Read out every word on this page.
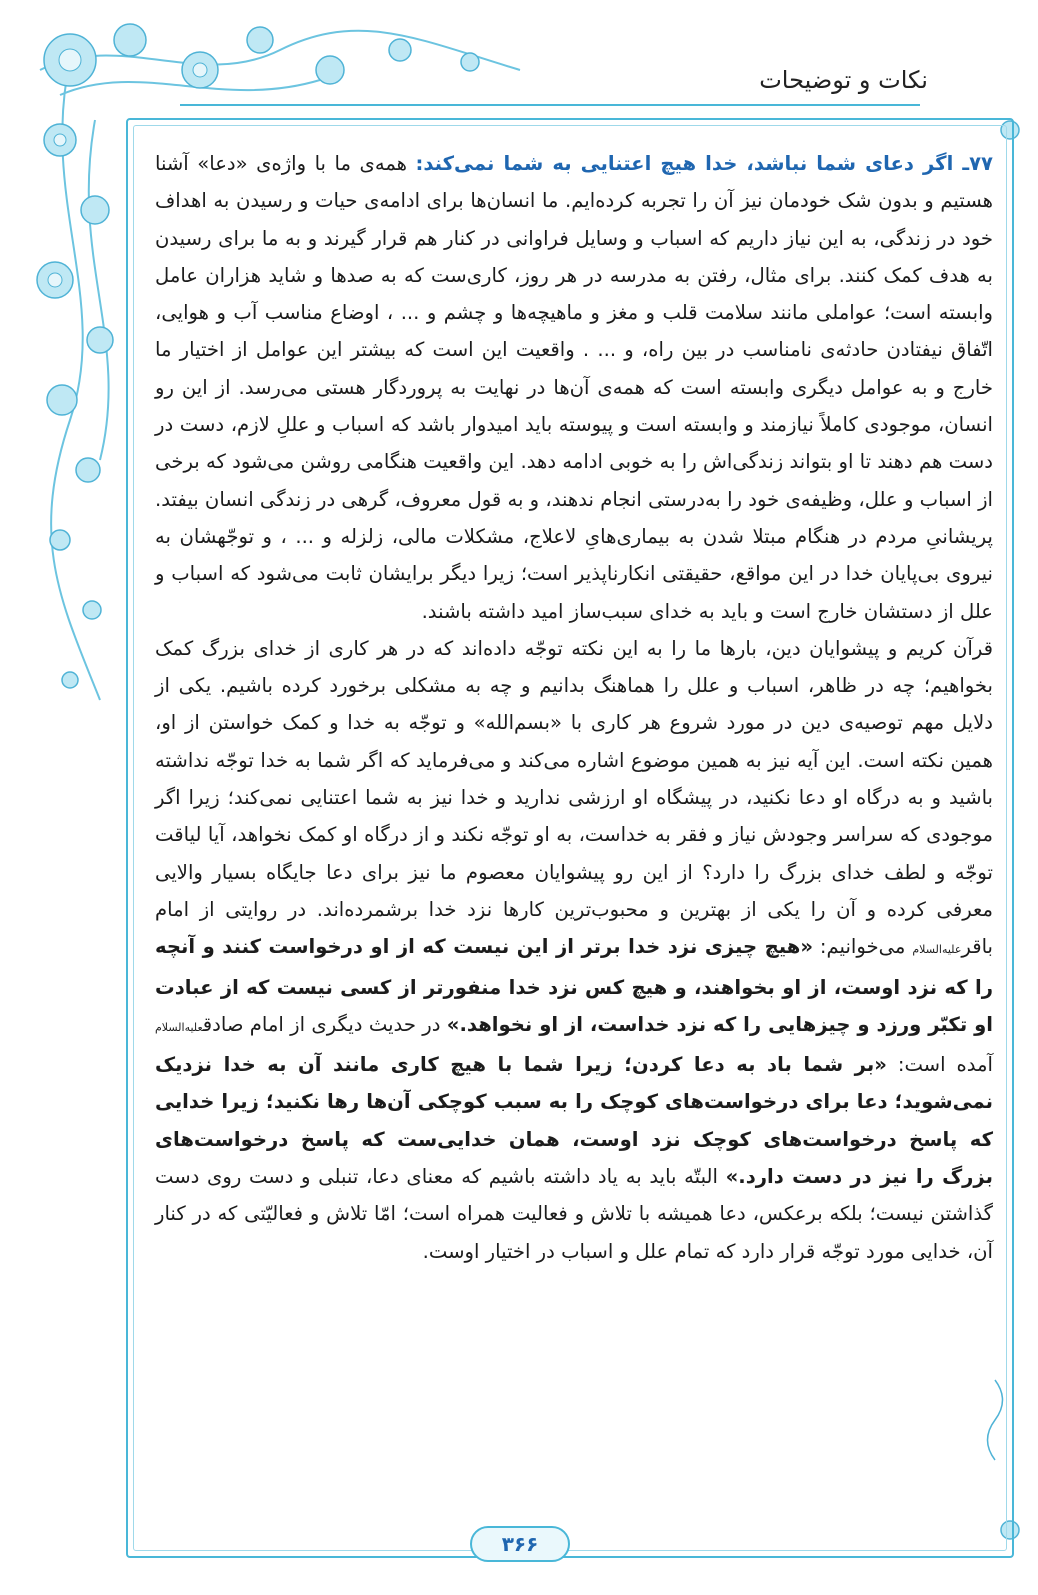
نکات و توضیحات

۷۷ـ اگر دعای شما نباشد، خدا هیچ اعتنایی به شما نمی‌کند: همه‌ی ما با واژه‌ی «دعا» آشنا هستیم و بدون شک خودمان نیز آن را تجربه کرده‌ایم. ما انسان‌ها برای ادامه‌ی حیات و رسیدن به اهداف خود در زندگی، به این نیاز داریم که اسباب و وسایل فراوانی در کنار هم قرار گیرند و به ما برای رسیدن به هدف کمک کنند. برای مثال، رفتن به مدرسه در هر روز، کاری‌ست که به صدها و شاید هزاران عامل وابسته است؛ عواملی مانند سلامت قلب و مغز و ماهیچه‌ها و چشم و ... ، اوضاع مناسب آب و هوایی، اتّفاق نیفتادن حادثه‌ی نامناسب در بین راه، و ... . واقعیت این است که بیشتر این عوامل از اختیار ما خارج و به عوامل دیگری وابسته است که همه‌ی آن‌ها در نهایت به پروردگار هستی می‌رسد. از این رو انسان، موجودی کاملاً نیازمند و وابسته است و پیوسته باید امیدوار باشد که اسباب و عللِ لازم، دست در دست هم دهند تا او بتواند زندگی‌اش را به خوبی ادامه دهد. این واقعیت هنگامی روشن می‌شود که برخی از اسباب و علل، وظیفه‌ی خود را به‌درستی انجام ندهند، و به قول معروف، گرهی در زندگی انسان بیفتد. پریشانیِ مردم در هنگام مبتلا شدن به بیماری‌هایِ لاعلاج، مشکلات مالی، زلزله و ... ، و توجّهشان به نیروی بی‌پایان خدا در این مواقع، حقیقتی انکارناپذیر است؛ زیرا دیگر برایشان ثابت می‌شود که اسباب و علل از دستشان خارج است و باید به خدای سبب‌ساز امید داشته باشند.

قرآن کریم و پیشوایان دین، بارها ما را به این نکته توجّه داده‌اند که در هر کاری از خدای بزرگ کمک بخواهیم؛ چه در ظاهر، اسباب و علل را هماهنگ بدانیم و چه به مشکلی برخورد کرده باشیم. یکی از دلایل مهم توصیه‌ی دین در مورد شروع هر کاری با «بسم‌الله» و توجّه به خدا و کمک خواستن از او، همین نکته است. این آیه نیز به همین موضوع اشاره می‌کند و می‌فرماید که اگر شما به خدا توجّه نداشته باشید و به درگاه او دعا نکنید، در پیشگاه او ارزشی ندارید و خدا نیز به شما اعتنایی نمی‌کند؛ زیرا اگر موجودی که سراسر وجودش نیاز و فقر به خداست، به او توجّه نکند و از درگاه او کمک نخواهد، آیا لیاقت توجّه و لطف خدای بزرگ را دارد؟ از این رو پیشوایان معصوم ما نیز برای دعا جایگاه بسیار والایی معرفی کرده و آن را یکی از بهترین و محبوب‌ترین کارها نزد خدا برشمرده‌اند. در روایتی از امام باقرعلیه‌السلام می‌خوانیم: «هیچ چیزی نزد خدا برتر از این نیست که از او درخواست کنند و آنچه را که نزد اوست، از او بخواهند، و هیچ کس نزد خدا منفورتر از کسی نیست که از عبادت او تکبّر ورزد و چیزهایی را که نزد خداست، از او نخواهد.» در حدیث دیگری از امام صادقعلیه‌السلام آمده است: «بر شما باد به دعا کردن؛ زیرا شما با هیچ کاری مانند آن به خدا نزدیک نمی‌شوید؛ دعا برای درخواست‌های کوچک را به سبب کوچکی آن‌ها رها نکنید؛ زیرا خدایی که پاسخ درخواست‌های کوچک نزد اوست، همان خدایی‌ست که پاسخ درخواست‌های بزرگ را نیز در دست دارد.» البتّه باید به یاد داشته باشیم که معنای دعا، تنبلی و دست روی دست گذاشتن نیست؛ بلکه برعکس، دعا همیشه با تلاش و فعالیت همراه است؛ امّا تلاش و فعالیّتی که در کنار آن، خدایی مورد توجّه قرار دارد که تمام علل و اسباب در اختیار اوست.

۳۶۶
